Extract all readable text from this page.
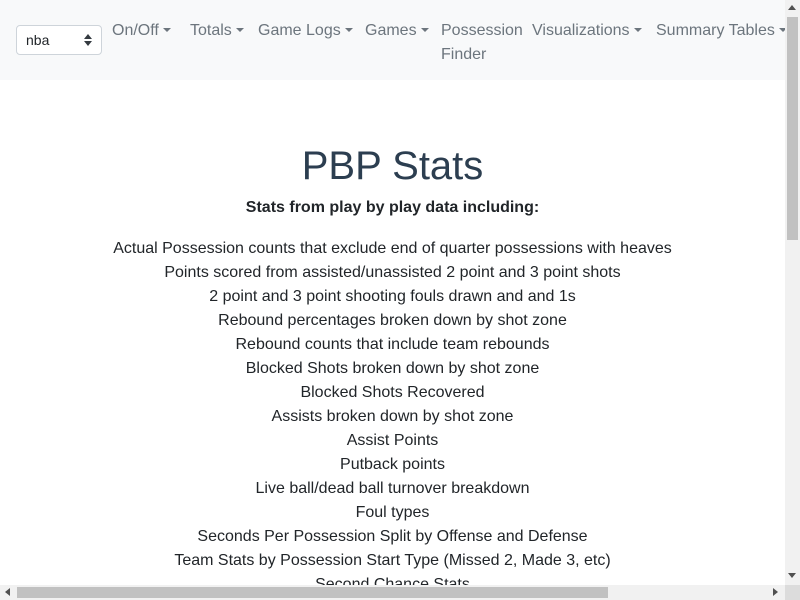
nba
On/Off	Totals	Game Logs	Games	Possession
Finder
Visualizations	Summary Tables
PBP Stats
Stats from play by play data including:
Actual Possession counts that exclude end of quarter possessions with heaves
Points scored from assisted/unassisted 2 point and 3 point shots
2 point and 3 point shooting fouls drawn and and 1s
Rebound percentages broken down by shot zone
Rebound counts that include team rebounds
Blocked Shots broken down by shot zone
Blocked Shots Recovered
Assists broken down by shot zone
Assist Points
Putback points
Live ball/dead ball turnover breakdown
Foul types
Seconds Per Possession Split by Offense and Defense
Team Stats by Possession Start Type (Missed 2, Made 3, etc)
